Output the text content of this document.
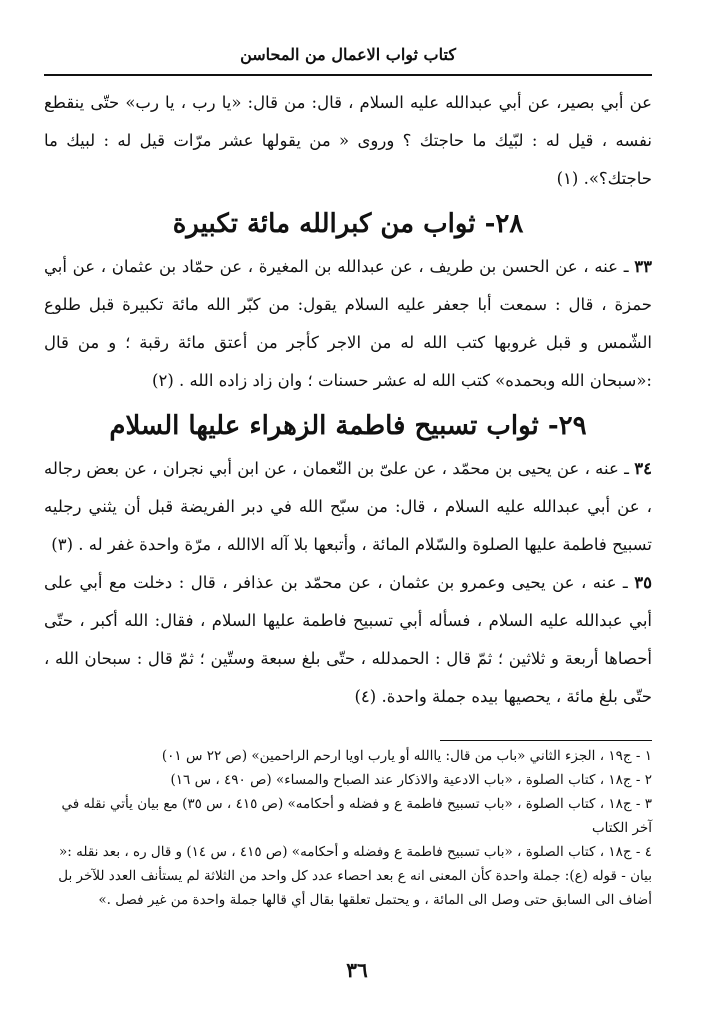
كتاب ثواب الاعمال من المحاسن

عن أبي بصير، عن أبي عبدالله عليه السلام ، قال: من قال: «يا رب ، يا رب» حتّى ينقطع نفسه ، قيل له : لبّيك ما حاجتك ؟ وروى « من يقولها عشر مرّات قيل له : لبيك ما حاجتك؟». (١)

٢٨- ثواب من كبرالله مائة تكبيرة

٣٣ ـ عنه ، عن الحسن بن طريف ، عن عبدالله بن المغيرة ، عن حمّاد بن عثمان ، عن أبي حمزة ، قال : سمعت أبا جعفر عليه السلام يقول: من كبّر الله مائة تكبيرة قبل طلوع الشّمس و قبل غروبها كتب الله له من الاجر كأجر من أعتق مائة رقبة ؛ و من قال :«سبحان الله وبحمده» كتب الله له عشر حسنات ؛ وان زاد زاده الله . (٢)

٢٩- ثواب تسبيح فاطمة الزهراء عليها السلام

٣٤ ـ عنه ، عن يحيى بن محمّد ، عن علىّ بن النّعمان ، عن ابن أبي نجران ، عن بعض رجاله ، عن أبي عبدالله عليه السلام ، قال: من سبّح الله في دبر الفريضة قبل أن يثني رجليه تسبيح فاطمة عليها الصلوة والسّلام المائة ، وأتبعها بلا آله الاالله ، مرّة واحدة غفر له . (٣)

٣٥ ـ عنه ، عن يحيى وعمرو بن عثمان ، عن محمّد بن عذافر ، قال : دخلت مع أبي على أبي عبدالله عليه السلام ، فسأله أبي تسبيح فاطمة عليها السلام ، فقال: الله أكبر ، حتّى أحصاها أربعة و ثلاثين ؛ ثمّ قال : الحمدلله ، حتّى بلغ سبعة وستّين ؛ ثمّ قال : سبحان الله ، حتّى بلغ مائة ، يحصيها بيده جملة واحدة. (٤)

١ - ج١٩ ، الجزء الثاني «باب من قال: ياالله أو يارب اويا ارحم الراحمين» (ص ٢٢ س ٠١)

٢ - ج١٨ ، كتاب الصلوة ، «باب الادعية والاذكار عند الصباح والمساء» (ص ٤٩٠ ، س ١٦)

٣ - ج١٨ ، كتاب الصلوة ، «باب تسبيح فاطمة ع و فضله و أحكامه» (ص ٤١٥ ، س ٣٥) مع بيان يأتي نقله في آخر الكتاب

٤ - ج١٨ ، كتاب الصلوة ، «باب تسبيح فاطمة ع وفضله و أحكامه» (ص ٤١٥ ، س ١٤) و قال ره ، بعد نقله :« بيان - قوله (ع): جملة واحدة كأن المعنى انه ع بعد احصاء عدد كل واحد من الثلاثة لم يستأنف العدد للآخر بل أضاف الى السابق حتى وصل الى المائة ، و يحتمل تعلقها بقال أي قالها جملة واحدة من غير فصل .»

٣٦
